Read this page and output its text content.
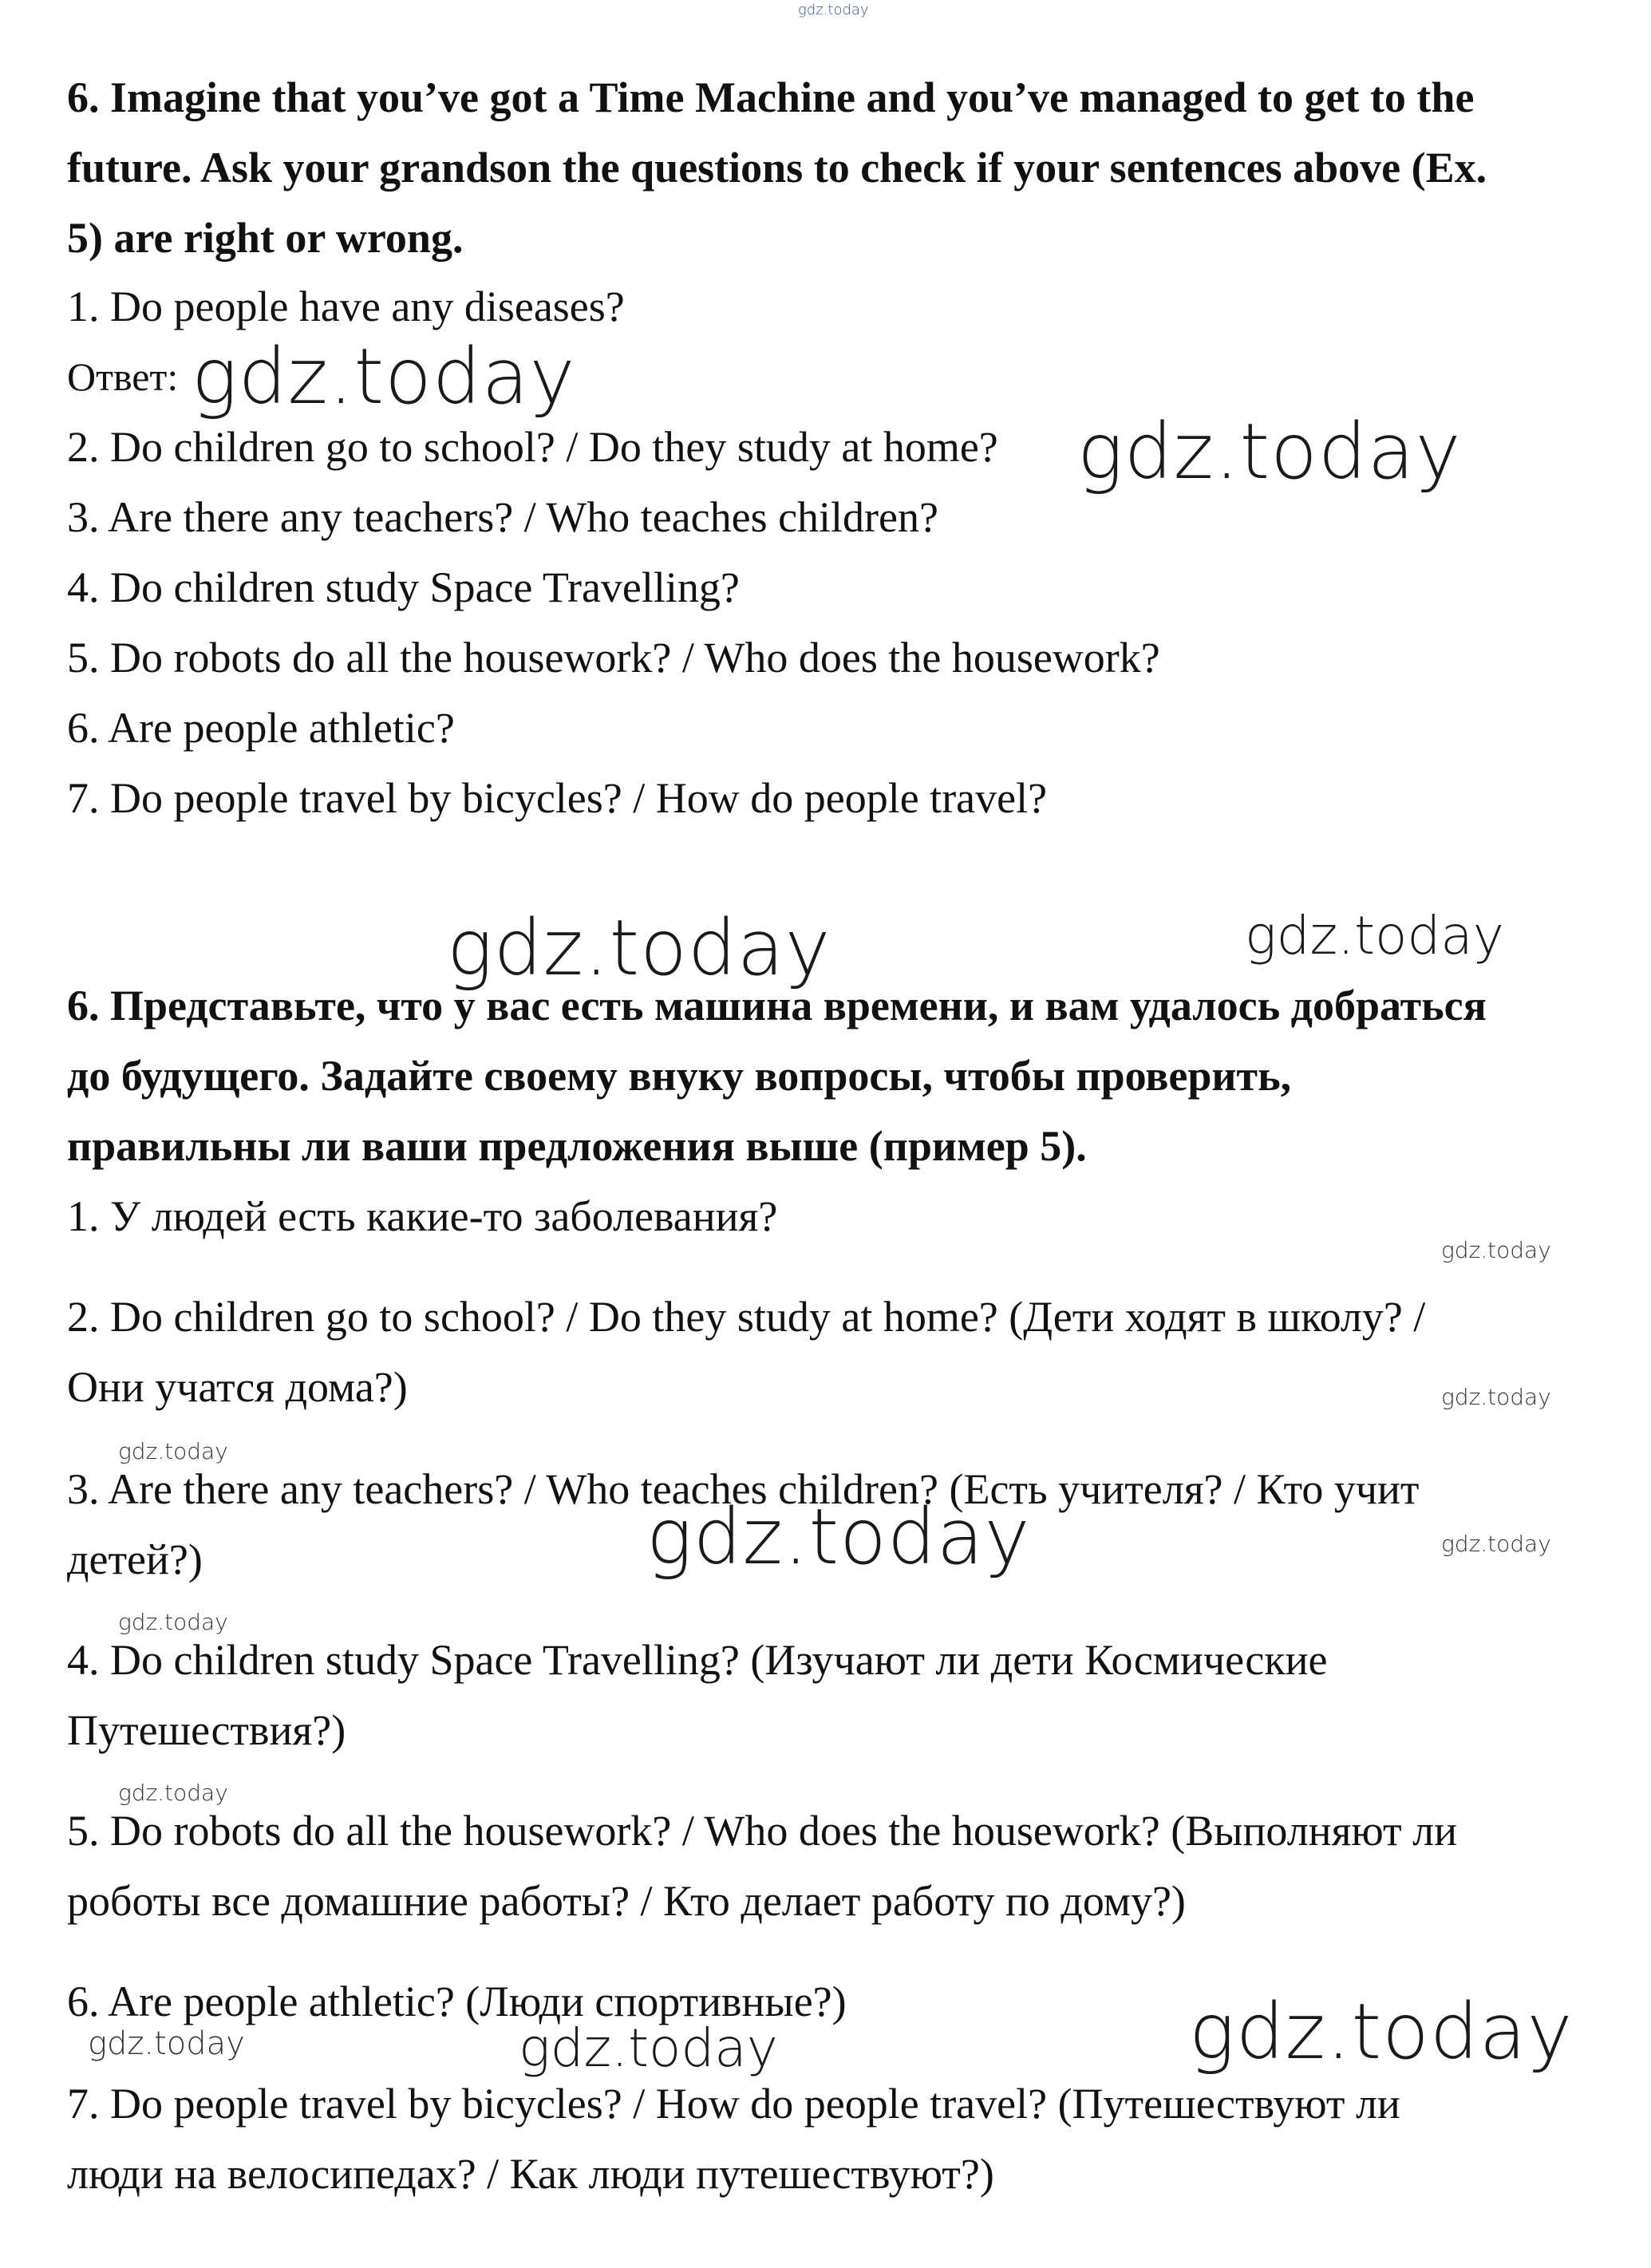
gdz.today
6. Imagine that you’ve got a Time Machine and you’ve managed to get to the
future. Ask your grandson the questions to check if your sentences above (Ex.
5) are right or wrong.
1. Do people have any diseases?
Ответ:
2. Do children go to school? / Do they study at home?
3. Are there any teachers? / Who teaches children?
4. Do children study Space Travelling?
5. Do robots do all the housework? / Who does the housework?
6. Are people athletic?
7. Do people travel by bicycles? / How do people travel?
6. Представьте, что у вас есть машина времени, и вам удалось добраться
до будущего. Задайте своему внуку вопросы, чтобы проверить,
правильны ли ваши предложения выше (пример 5).
1. У людей есть какие-то заболевания?
2. Do children go to school? / Do they study at home? (Дети ходят в школу? /
Они учатся дома?)
3. Are there any teachers? / Who teaches children? (Есть учителя? / Кто учит
детей?)
4. Do children study Space Travelling? (Изучают ли дети Космические
Путешествия?)
5. Do robots do all the housework? / Who does the housework? (Выполняют ли
роботы все домашние работы? / Кто делает работу по дому?)
6. Are people athletic? (Люди спортивные?)
7. Do people travel by bicycles? / How do people travel? (Путешествуют ли
люди на велосипедах? / Как люди путешествуют?)
gdz.today
gdz.today
gdz.today	gdz.today
gdz.today
gdz.today
gdz.today
gdz.today	gdz.today
gdz.today
gdz.today
gdz.today	gdz.today	gdz.today
